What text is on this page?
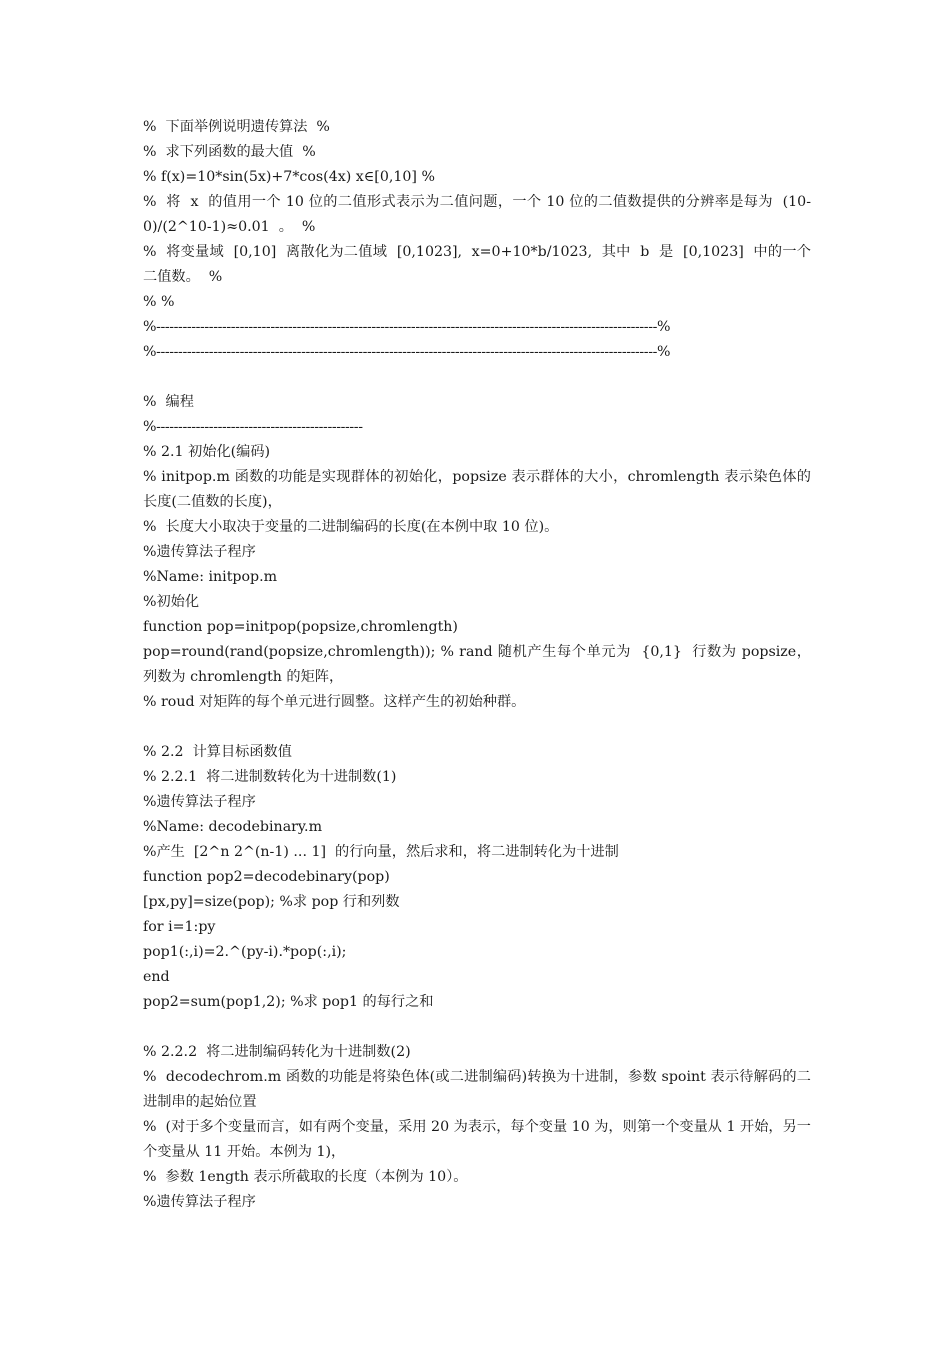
%  下面举例说明遗传算法  %
%  求下列函数的最大值  %
% f(x)=10*sin(5x)+7*cos(4x) x∈[0,10] %
%  将  x  的值用一个 10 位的二值形式表示为二值问题，一个 10 位的二值数提供的分辨率是每为  (10-0)/(2^10-1)≈0.01  。  %
%  将变量域  [0,10]  离散化为二值域  [0,1023],  x=0+10*b/1023,  其中  b  是  [0,1023]  中的一个二值数。  %
% %
%------------------------------------------------------------------------------------------------------------------%
%------------------------------------------------------------------------------------------------------------------%
%  编程
%-----------------------------------------------
% 2.1 初始化(编码)
% initpop.m 函数的功能是实现群体的初始化，popsize 表示群体的大小，chromlength 表示染色体的长度(二值数的长度)，
%  长度大小取决于变量的二进制编码的长度(在本例中取 10 位)。
%遗传算法子程序
%Name: initpop.m
%初始化
function pop=initpop(popsize,chromlength)
pop=round(rand(popsize,chromlength)); % rand 随机产生每个单元为  {0,1}  行数为 popsize，列数为 chromlength 的矩阵，
% roud 对矩阵的每个单元进行圆整。这样产生的初始种群。
% 2.2  计算目标函数值
% 2.2.1  将二进制数转化为十进制数(1)
%遗传算法子程序
%Name: decodebinary.m
%产生  [2^n 2^(n-1) ... 1]  的行向量，然后求和，将二进制转化为十进制
function pop2=decodebinary(pop)
[px,py]=size(pop); %求 pop 行和列数
for i=1:py
pop1(:,i)=2.^(py-i).*pop(:,i);
end
pop2=sum(pop1,2); %求 pop1 的每行之和
% 2.2.2  将二进制编码转化为十进制数(2)
%  decodechrom.m 函数的功能是将染色体(或二进制编码)转换为十进制，参数 spoint 表示待解码的二进制串的起始位置
%  (对于多个变量而言，如有两个变量，采用 20 为表示，每个变量 10 为，则第一个变量从 1 开始，另一个变量从 11 开始。本例为 1)，
%  参数 1ength 表示所截取的长度（本例为 10）。
%遗传算法子程序
